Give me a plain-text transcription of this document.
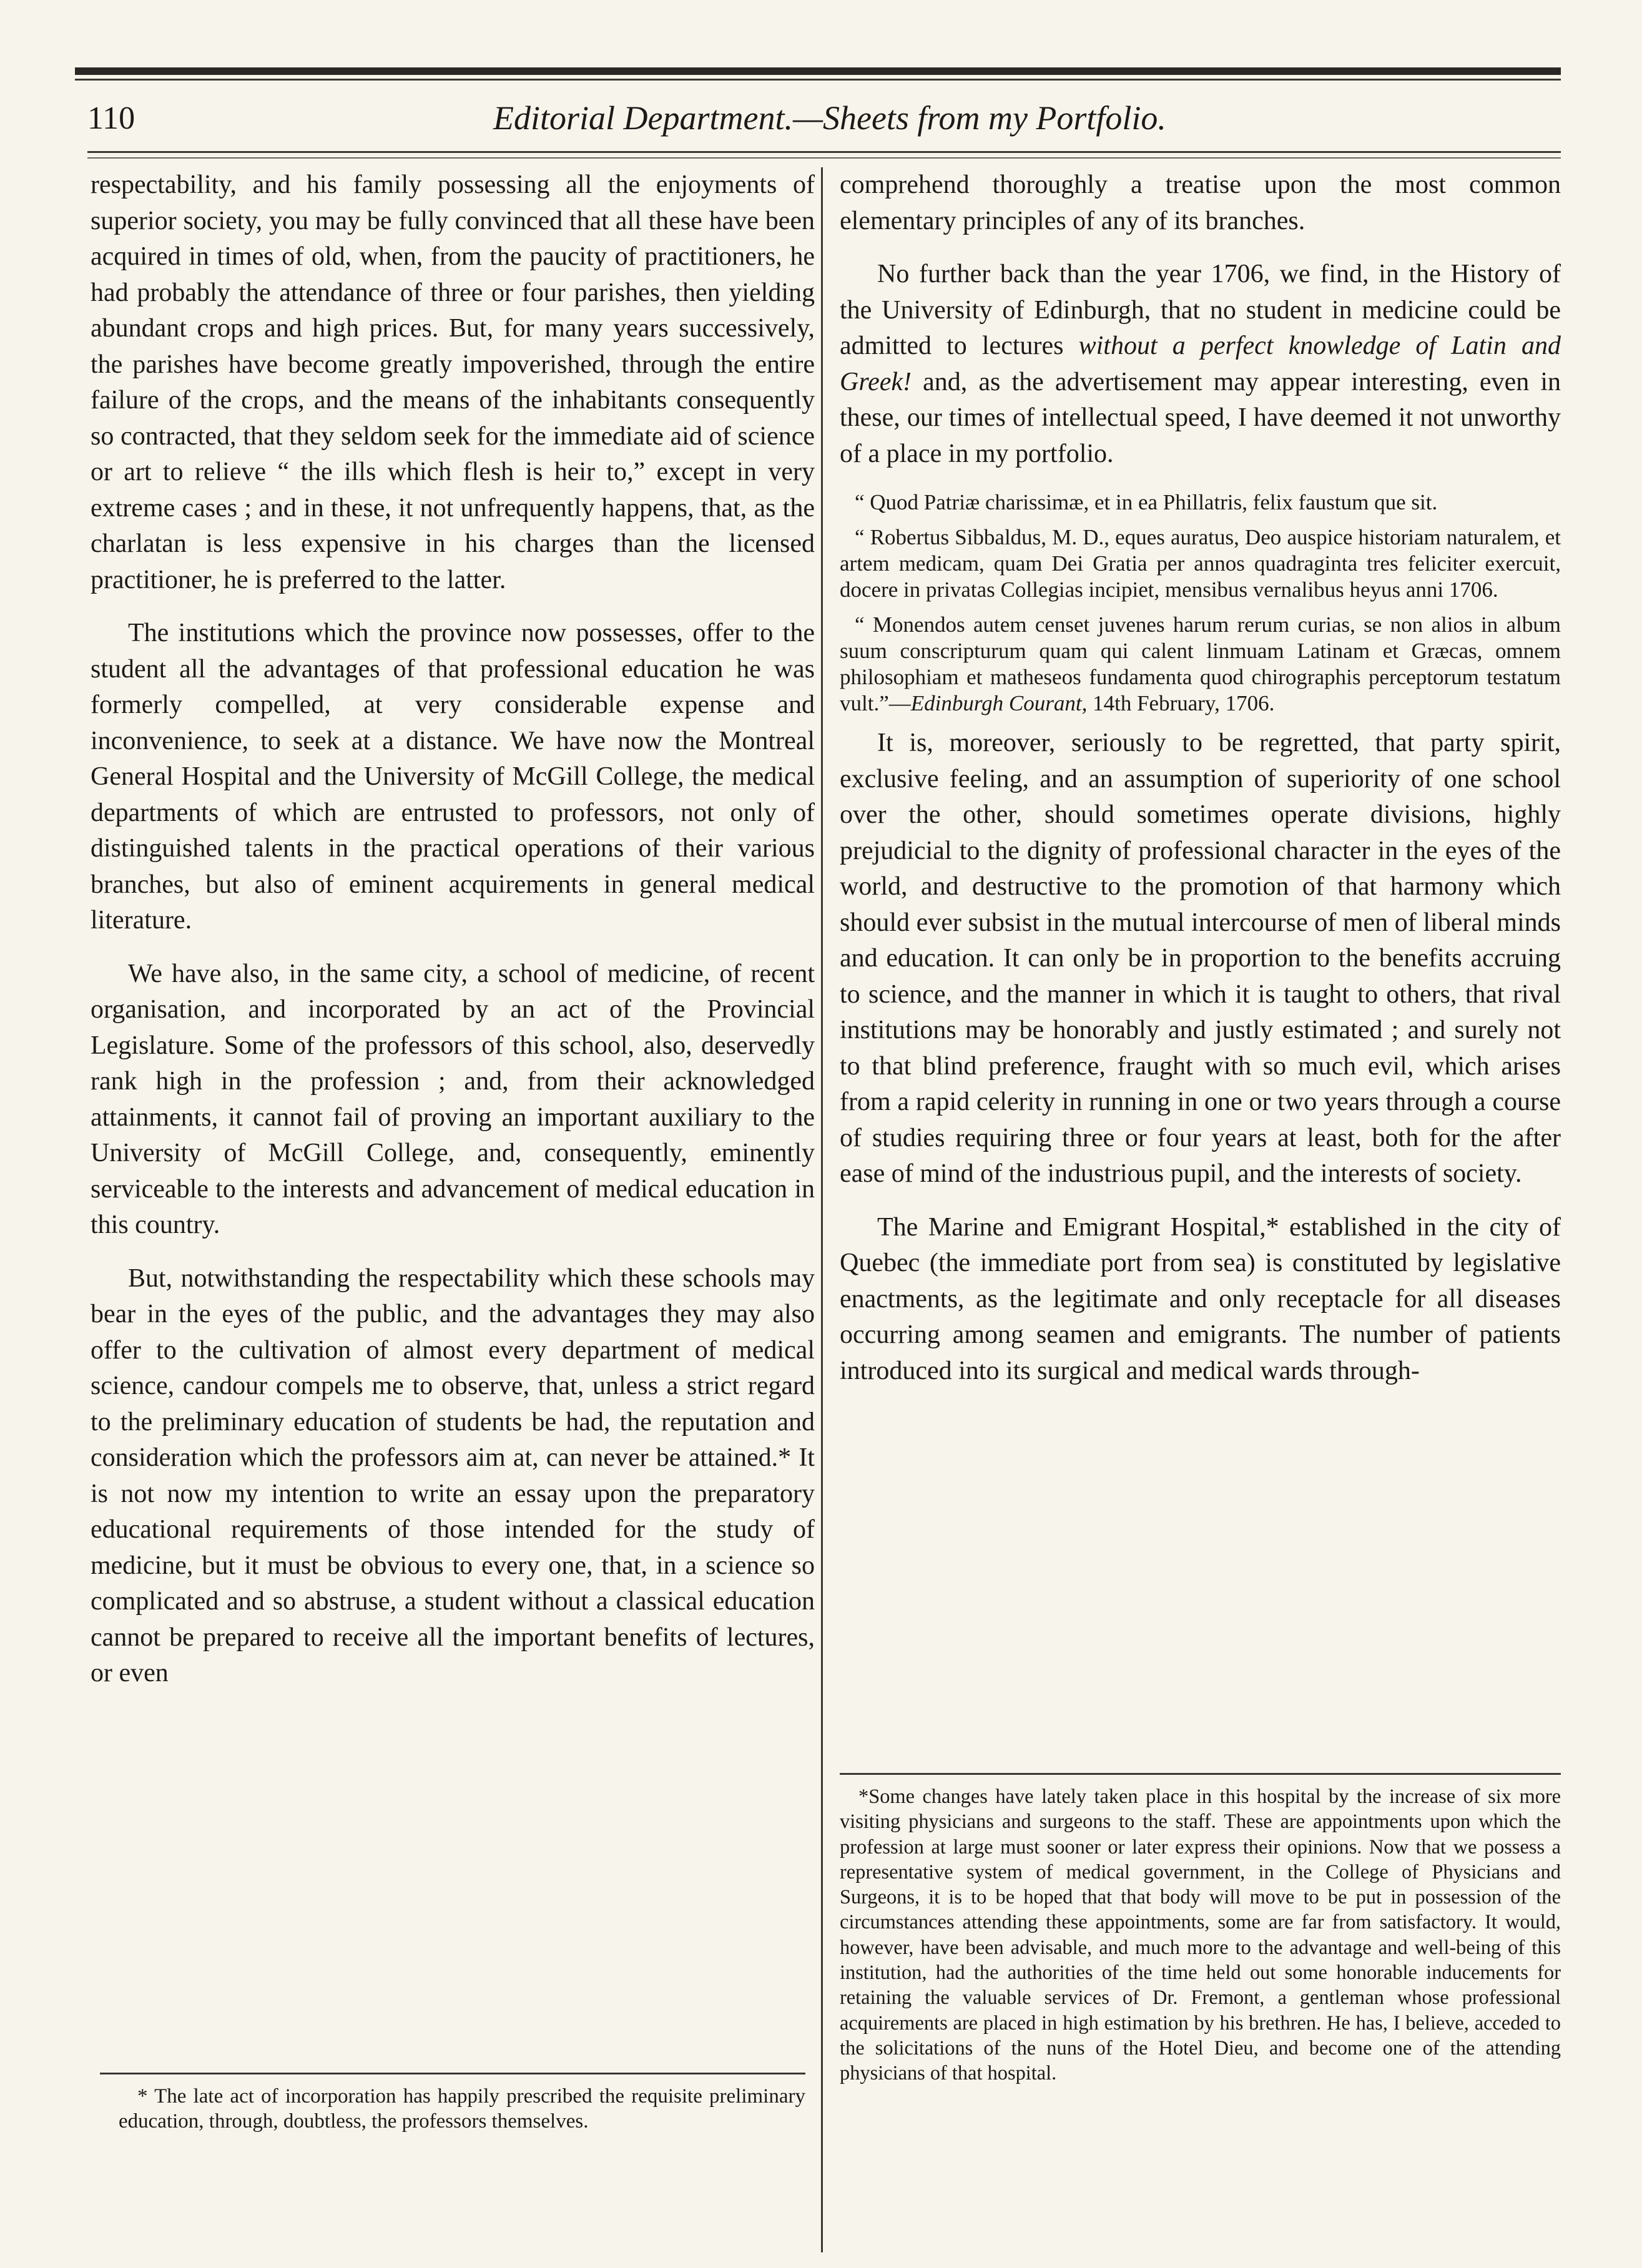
110	Editorial Department.—Sheets from my Portfolio.

respectability, and his family possessing all the enjoyments of superior society, you may be fully convinced that all these have been acquired in times of old, when, from the paucity of practitioners, he had probably the attendance of three or four parishes, then yielding abundant crops and high prices. But, for many years successively, the parishes have become greatly impoverished, through the entire failure of the crops, and the means of the inhabitants consequently so contracted, that they seldom seek for the immediate aid of science or art to relieve “ the ills which flesh is heir to,” except in very extreme cases ; and in these, it not unfrequently happens, that, as the charlatan is less expensive in his charges than the licensed practitioner, he is preferred to the latter.

The institutions which the province now possesses, offer to the student all the advantages of that professional education he was formerly compelled, at very considerable expense and inconvenience, to seek at a distance. We have now the Montreal General Hospital and the University of McGill College, the medical departments of which are entrusted to professors, not only of distinguished talents in the practical operations of their various branches, but also of eminent acquirements in general medical literature.

We have also, in the same city, a school of medicine, of recent organisation, and incorporated by an act of the Provincial Legislature. Some of the professors of this school, also, deservedly rank high in the profession ; and, from their acknowledged attainments, it cannot fail of proving an important auxiliary to the University of McGill College, and, consequently, eminently serviceable to the interests and advancement of medical education in this country.

But, notwithstanding the respectability which these schools may bear in the eyes of the public, and the advantages they may also offer to the cultivation of almost every department of medical science, candour compels me to observe, that, unless a strict regard to the preliminary education of students be had, the reputation and consideration which the professors aim at, can never be attained.* It is not now my intention to write an essay upon the preparatory educational requirements of those intended for the study of medicine, but it must be obvious to every one, that, in a science so complicated and so abstruse, a student without a classical education cannot be prepared to receive all the important benefits of lectures, or even

comprehend thoroughly a treatise upon the most common elementary principles of any of its branches.

No further back than the year 1706, we find, in the History of the University of Edinburgh, that no student in medicine could be admitted to lectures without a perfect knowledge of Latin and Greek! and, as the advertisement may appear interesting, even in these, our times of intellectual speed, I have deemed it not unworthy of a place in my portfolio.

“ Quod Patriæ charissimæ, et in ea Phillatris, felix faustum que sit.

“ Robertus Sibbaldus, M. D., eques auratus, Deo auspice historiam naturalem, et artem medicam, quam Dei Gratia per annos quadraginta tres feliciter exercuit, docere in privatas Collegias incipiet, mensibus vernalibus heyus anni 1706.

“ Monendos autem censet juvenes harum rerum curias, se non alios in album suum conscripturum quam qui calent linmuam Latinam et Græcas, omnem philosophiam et matheseos fundamenta quod chirographis perceptorum testatum vult.”—Edinburgh Courant, 14th February, 1706.

It is, moreover, seriously to be regretted, that party spirit, exclusive feeling, and an assumption of superiority of one school over the other, should sometimes operate divisions, highly prejudicial to the dignity of professional character in the eyes of the world, and destructive to the promotion of that harmony which should ever subsist in the mutual intercourse of men of liberal minds and education. It can only be in proportion to the benefits accruing to science, and the manner in which it is taught to others, that rival institutions may be honorably and justly estimated ; and surely not to that blind preference, fraught with so much evil, which arises from a rapid celerity in running in one or two years through a course of studies requiring three or four years at least, both for the after ease of mind of the industrious pupil, and the interests of society.

The Marine and Emigrant Hospital,* established in the city of Quebec (the immediate port from sea) is constituted by legislative enactments, as the legitimate and only receptacle for all diseases occurring among seamen and emigrants. The number of patients introduced into its surgical and medical wards through-

* The late act of incorporation has happily prescribed the requisite preliminary education, through, doubtless, the professors themselves.
*Some changes have lately taken place in this hospital by the increase of six more visiting physicians and surgeons to the staff. These are appointments upon which the profession at large must sooner or later express their opinions. Now that we possess a representative system of medical government, in the College of Physicians and Surgeons, it is to be hoped that that body will move to be put in possession of the circumstances attending these appointments, some are far from satisfactory. It would, however, have been advisable, and much more to the advantage and well-being of this institution, had the authorities of the time held out some honorable inducements for retaining the valuable services of Dr. Fremont, a gentleman whose professional acquirements are placed in high estimation by his brethren. He has, I believe, acceded to the solicitations of the nuns of the Hotel Dieu, and become one of the attending physicians of that hospital.
